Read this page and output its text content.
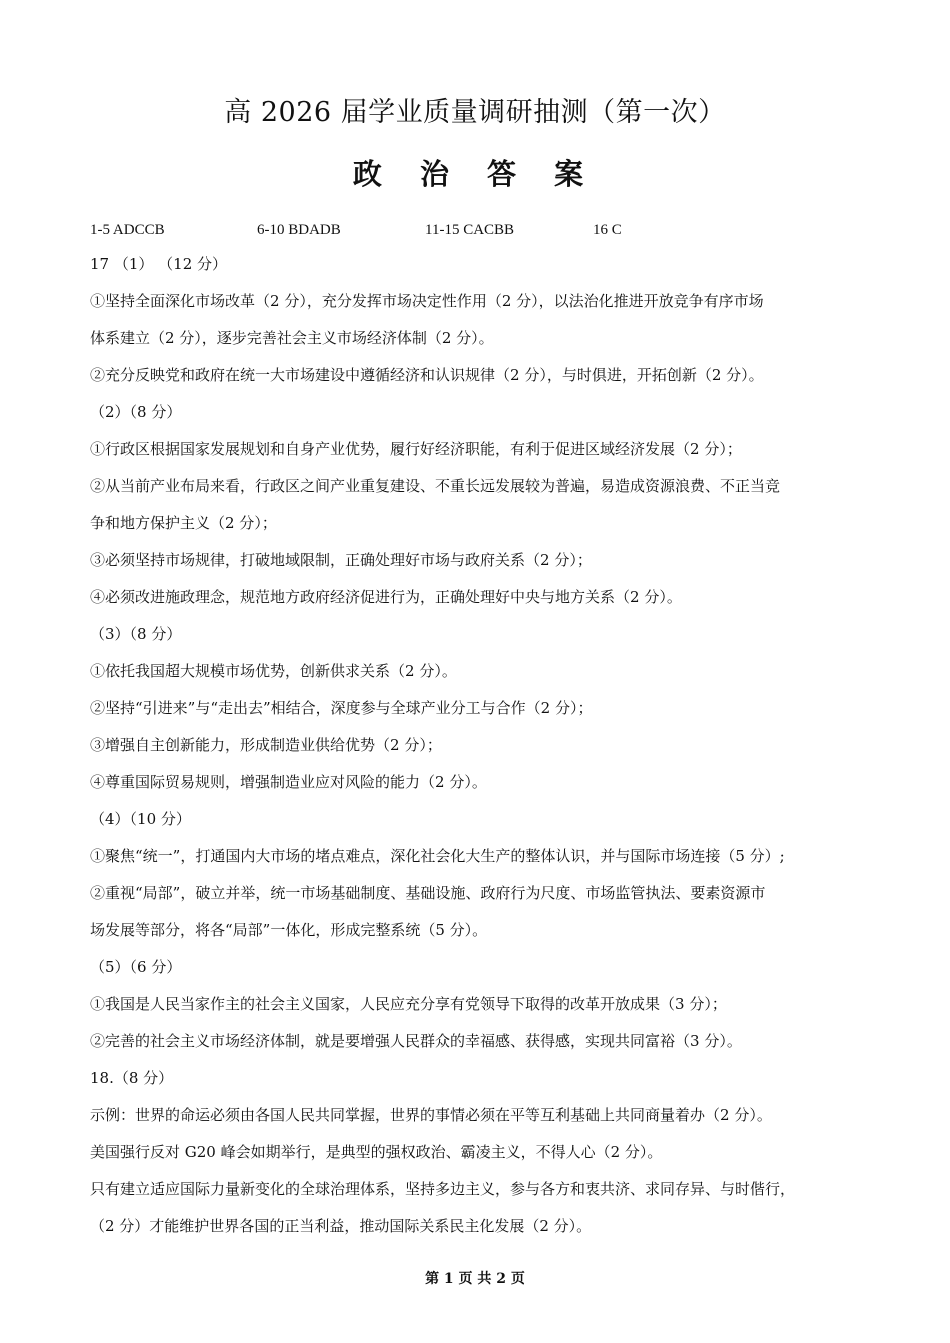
高 2026 届学业质量调研抽测（第一次）
政 治 答 案
1-5 ADCCB	6-10 BDADB	11-15 CACBB	16 C

17 （1） （12 分）

①坚持全面深化市场改革（2 分），充分发挥市场决定性作用（2 分），以法治化推进开放竞争有序市场

体系建立（2 分），逐步完善社会主义市场经济体制（2 分）。

②充分反映党和政府在统一大市场建设中遵循经济和认识规律（2 分），与时俱进，开拓创新（2 分）。

（2）（8 分）

①行政区根据国家发展规划和自身产业优势，履行好经济职能，有利于促进区域经济发展（2 分）；

②从当前产业布局来看，行政区之间产业重复建设、不重长远发展较为普遍，易造成资源浪费、不正当竞

争和地方保护主义（2 分）；

③必须坚持市场规律，打破地域限制，正确处理好市场与政府关系（2 分）；

④必须改进施政理念，规范地方政府经济促进行为，正确处理好中央与地方关系（2 分）。

（3）（8 分）

①依托我国超大规模市场优势，创新供求关系（2 分）。

②坚持“引进来”与“走出去”相结合，深度参与全球产业分工与合作（2 分）；

③增强自主创新能力，形成制造业供给优势（2 分）；

④尊重国际贸易规则，增强制造业应对风险的能力（2 分）。

（4）（10 分）

①聚焦“统一”，打通国内大市场的堵点难点，深化社会化大生产的整体认识，并与国际市场连接（5 分）;

②重视“局部”，破立并举，统一市场基础制度、基础设施、政府行为尺度、市场监管执法、要素资源市

场发展等部分，将各“局部”一体化，形成完整系统（5 分）。

（5）（6 分）

①我国是人民当家作主的社会主义国家，人民应充分享有党领导下取得的改革开放成果（3 分）；

②完善的社会主义市场经济体制，就是要增强人民群众的幸福感、获得感，实现共同富裕（3 分）。

18.（8 分）

示例：世界的命运必须由各国人民共同掌握，世界的事情必须在平等互利基础上共同商量着办（2 分）。

美国强行反对 G20 峰会如期举行，是典型的强权政治、霸凌主义，不得人心（2 分）。

只有建立适应国际力量新变化的全球治理体系，坚持多边主义，参与各方和衷共济、求同存异、与时偕行，

（2 分）才能维护世界各国的正当利益，推动国际关系民主化发展（2 分）。

第 1 页 共 2 页
